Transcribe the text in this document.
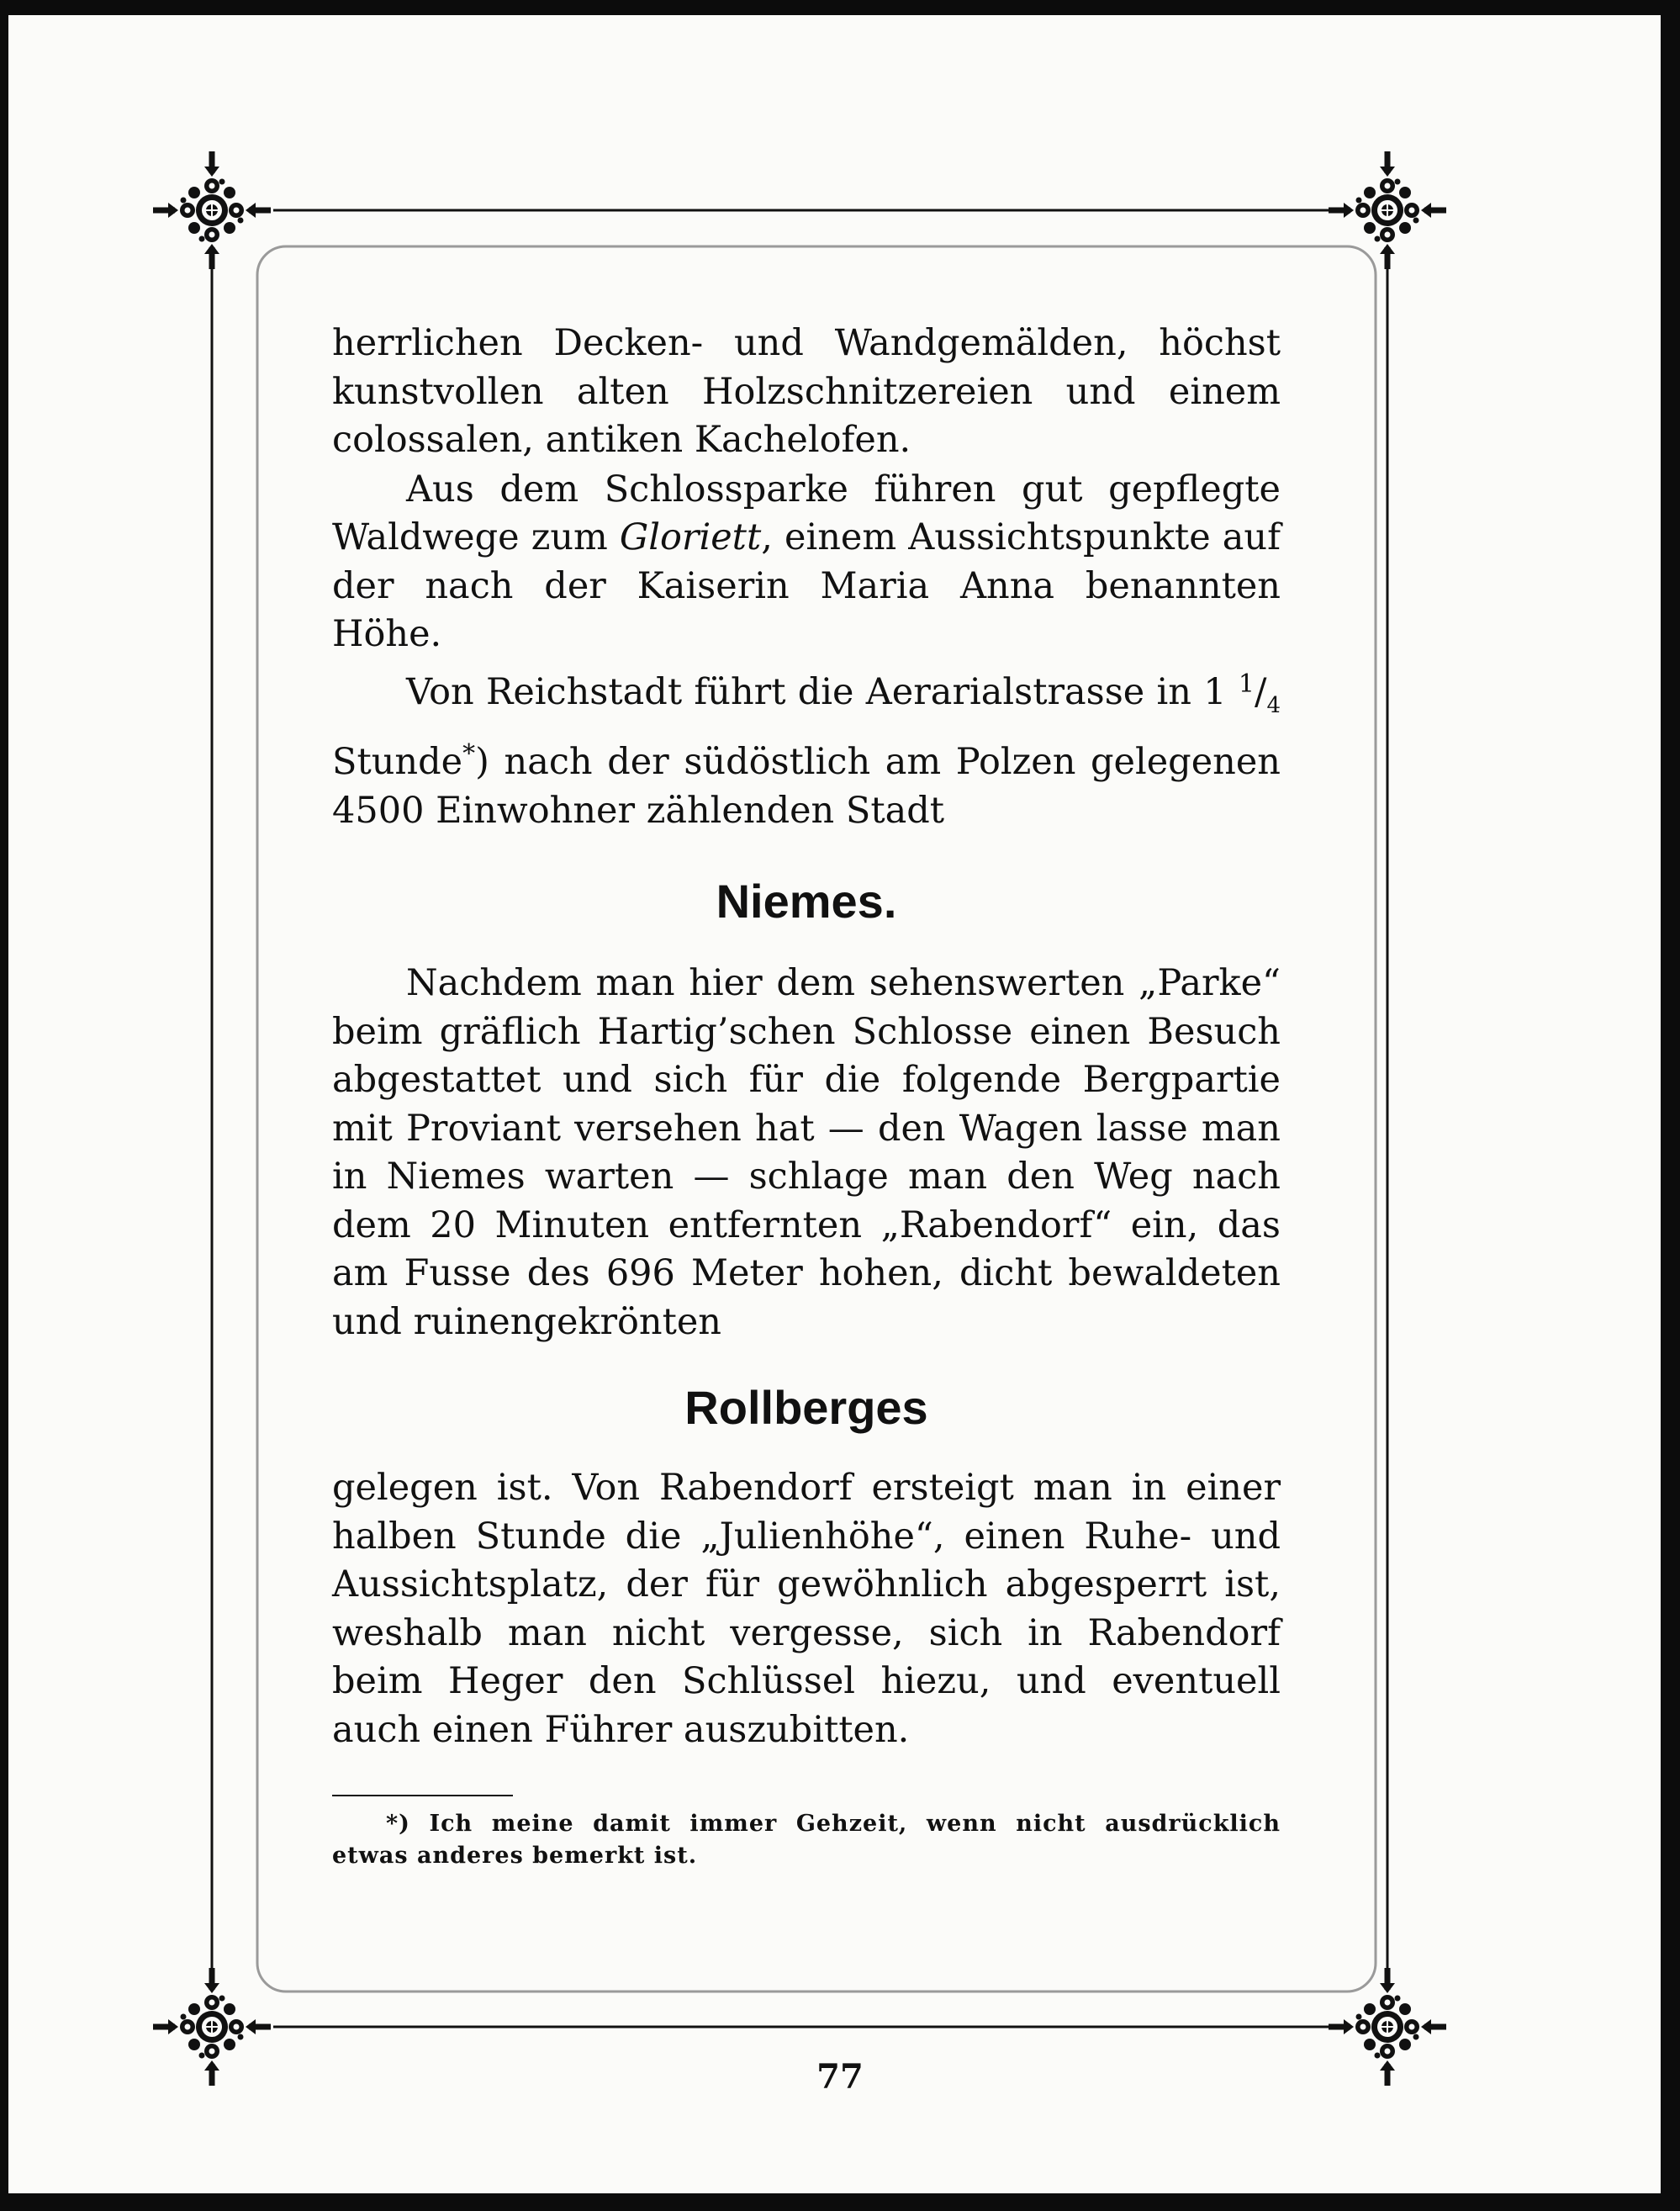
herrlichen Decken- und Wandgemälden, höchst kunstvollen alten Holzschnitzereien und einem colossalen, antiken Kachelofen.

Aus dem Schlossparke führen gut gepflegte Waldwege zum Gloriett, einem Aussichtspunkte auf der nach der Kaiserin Maria Anna benannten Höhe.

Von Reichstadt führt die Aerarialstrasse in 1 $^1/_4$ Stunde*) nach der südöstlich am Polzen gelegenen 4500 Einwohner zählenden Stadt

Niemes.

Nachdem man hier dem sehenswerten „Parke“ beim gräflich Hartig’schen Schlosse einen Besuch abgestattet und sich für die folgende Bergpartie mit Proviant versehen hat — den Wagen lasse man in Niemes warten — schlage man den Weg nach dem 20 Minuten entfernten „Rabendorf“ ein, das am Fusse des 696 Meter hohen, dicht bewaldeten und ruinengekrönten

Rollberges

gelegen ist. Von Rabendorf ersteigt man in einer halben Stunde die „Julienhöhe“, einen Ruhe- und Aussichtsplatz, der für gewöhnlich abgesperrt ist, weshalb man nicht vergesse, sich in Rabendorf beim Heger den Schlüssel hiezu, und eventuell auch einen Führer auszubitten.

*) Ich meine damit immer Gehzeit, wenn nicht ausdrücklich etwas anderes bemerkt ist.

77
